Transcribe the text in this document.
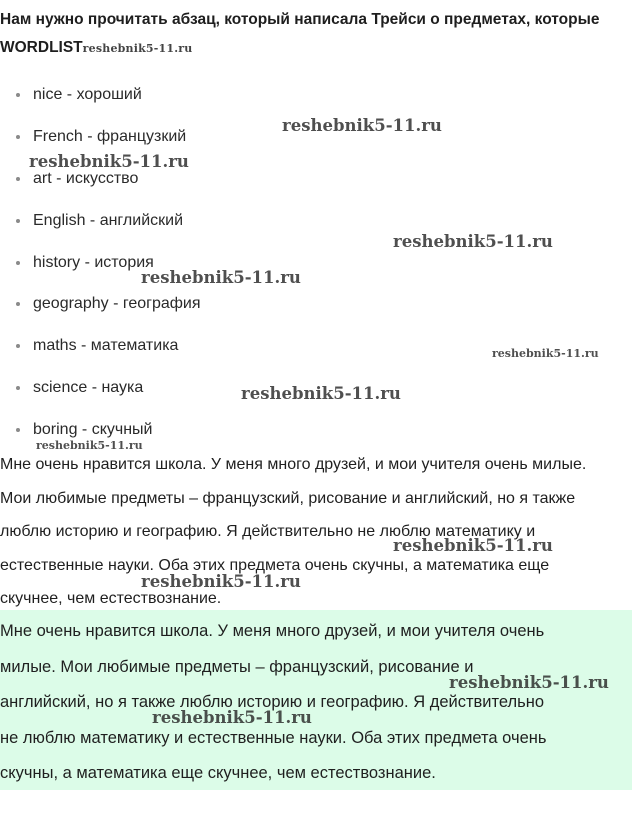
Нам нужно прочитать абзац, который написала Трейси о предметах, которые
WORDLISTreshebnik5-11.ru
nice - хороший
French - французкий
art - искусство
English - английский
history - история
geography - география
maths - математика
science - наука
boring - скучный
Мне очень нравится школа. У меня много друзей, и мои учителя очень милые.
Мои любимые предметы – французский, рисование и английский, но я также
люблю историю и географию. Я действительно не люблю математику и
естественные науки. Оба этих предмета очень скучны, а математика еще
скучнее, чем естествознание.
Мне очень нравится школа. У меня много друзей, и мои учителя очень
милые. Мои любимые предметы – французский, рисование и
английский, но я также люблю историю и географию. Я действительно
не люблю математику и естественные науки. Оба этих предмета очень
скучны, а математика еще скучнее, чем естествознание.
reshebnik5-11.ru
reshebnik5-11.ru
reshebnik5-11.ru
reshebnik5-11.ru
reshebnik5-11.ru
reshebnik5-11.ru
reshebnik5-11.ru
reshebnik5-11.ru
reshebnik5-11.ru
reshebnik5-11.ru
reshebnik5-11.ru
